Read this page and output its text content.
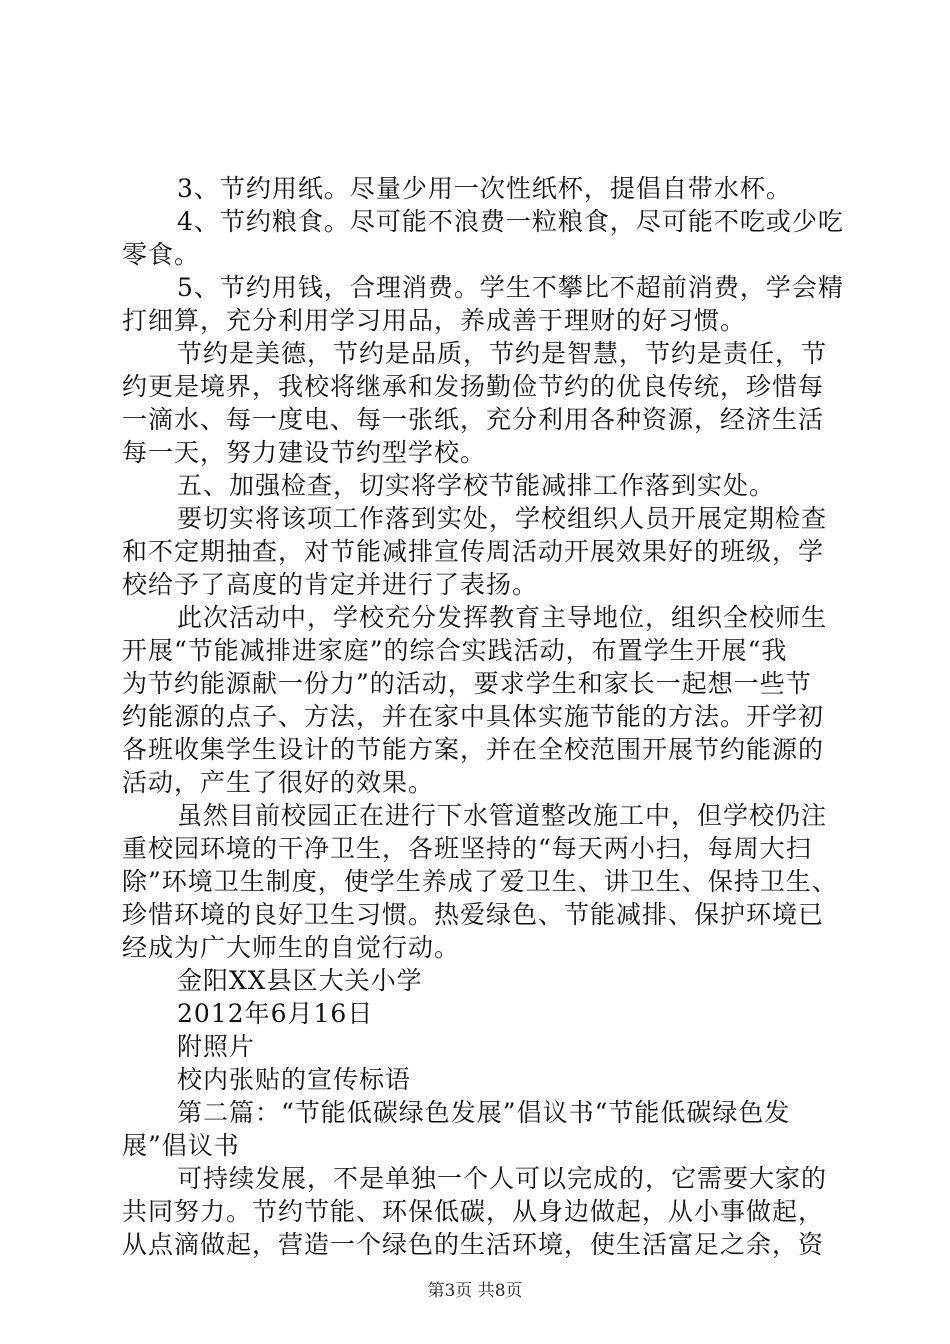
3、节约用纸。尽量少用一次性纸杯，提倡自带水杯。
4、节约粮食。尽可能不浪费一粒粮食，尽可能不吃或少吃
零食。
5、节约用钱，合理消费。学生不攀比不超前消费，学会精
打细算，充分利用学习用品，养成善于理财的好习惯。
节约是美德，节约是品质，节约是智慧，节约是责任，节
约更是境界，我校将继承和发扬勤俭节约的优良传统，珍惜每
一滴水、每一度电、每一张纸，充分利用各种资源，经济生活
每一天，努力建设节约型学校。
五、加强检查，切实将学校节能减排工作落到实处。
要切实将该项工作落到实处，学校组织人员开展定期检查
和不定期抽查，对节能减排宣传周活动开展效果好的班级，学
校给予了高度的肯定并进行了表扬。
此次活动中，学校充分发挥教育主导地位，组织全校师生
开展“节能减排进家庭”的综合实践活动，布置学生开展“我
为节约能源献一份力”的活动，要求学生和家长一起想一些节
约能源的点子、方法，并在家中具体实施节能的方法。开学初
各班收集学生设计的节能方案，并在全校范围开展节约能源的
活动，产生了很好的效果。
虽然目前校园正在进行下水管道整改施工中，但学校仍注
重校园环境的干净卫生，各班坚持的“每天两小扫，每周大扫
除”环境卫生制度，使学生养成了爱卫生、讲卫生、保持卫生、
珍惜环境的良好卫生习惯。热爱绿色、节能减排、保护环境已
经成为广大师生的自觉行动。
金阳XX县区大关小学
2012年6月16日
附照片
校内张贴的宣传标语
第二篇：“节能低碳绿色发展”倡议书“节能低碳绿色发
展”倡议书
可持续发展，不是单独一个人可以完成的，它需要大家的
共同努力。节约节能、环保低碳，从身边做起，从小事做起，
从点滴做起，营造一个绿色的生活环境，使生活富足之余，资
第3页 共8页
